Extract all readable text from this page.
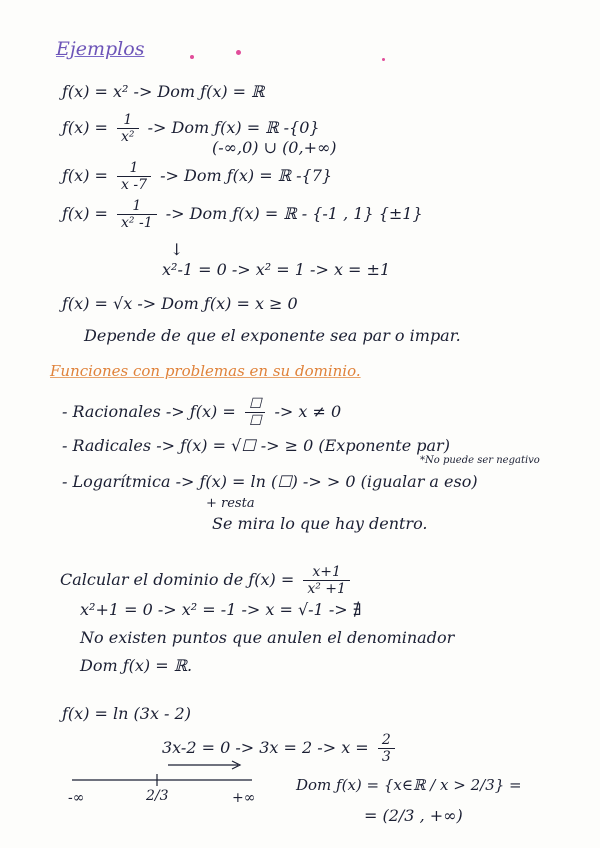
Ejemplos
ƒ(x) = x² -> Dom ƒ(x) = ℝ
ƒ(x) = $\frac{1}{\text{x²}}$ -> Dom ƒ(x) = ℝ -{0}
(-∞,0) ∪ (0,+∞)
ƒ(x) = $\frac{1}{x -7}$ -> Dom ƒ(x) = ℝ -{7}
ƒ(x) = $\frac{1}{\text{x² -1}}$ -> Dom ƒ(x) = ℝ - {-1 , 1} {±1}
↓
x²-1 = 0 -> x² = 1 -> x = ±1
ƒ(x) = √x -> Dom ƒ(x) = x ≥ 0
Depende de que el exponente sea par o impar.
Funciones con problemas en su dominio.
- Racionales -> ƒ(x) = $\frac{☐}{☐} -> x \ne 0$
- Radicales -> ƒ(x) = √☐ -> ≥ 0 (Exponente par)
*No puede ser negativo
- Logarítmica -> ƒ(x) = ln (☐) -> > 0 (igualar a eso)
+ resta
Se mira lo que hay dentro.
Calcular el dominio de ƒ(x) = $\frac{x+1}{\text{x² +1}}$
x²+1 = 0 -> x² = -1 -> x = √-1 -> ∄
No existen puntos que anulen el denominador
Dom ƒ(x) = ℝ.
ƒ(x) = ln (3x - 2)
$3x-2 = 0 -> 3x = 2 -> x = \frac{2}{3}$
-∞	2/3	+∞
Dom ƒ(x) = {x∈ℝ / x > 2/3} =
= (2/3 , +∞)
